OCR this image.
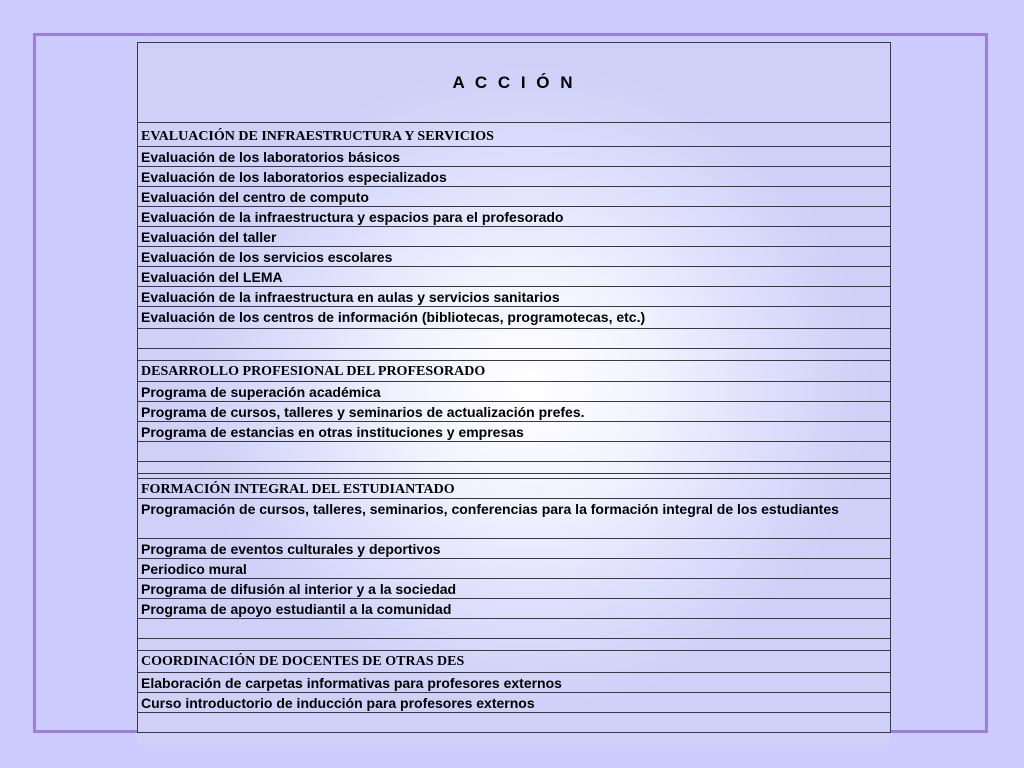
A C C I Ó N
EVALUACIÓN DE INFRAESTRUCTURA Y SERVICIOS
Evaluación de los laboratorios básicos
Evaluación de los laboratorios especializados
Evaluación del centro de computo
Evaluación de la infraestructura y espacios para el profesorado
Evaluación del taller
Evaluación de los servicios escolares
Evaluación del LEMA
Evaluación de la infraestructura en aulas y servicios sanitarios
Evaluación de los centros de información (bibliotecas, programotecas, etc.)
DESARROLLO PROFESIONAL DEL PROFESORADO
Programa de superación académica
Programa de cursos, talleres y seminarios de actualización prefes.
Programa de estancias en otras instituciones y empresas
FORMACIÓN INTEGRAL DEL ESTUDIANTADO
Programación de cursos, talleres, seminarios, conferencias para la formación integral de los estudiantes
Programa de eventos culturales y deportivos
Periodico mural
Programa de difusión al interior y a la sociedad
Programa de apoyo estudiantil a la comunidad
COORDINACIÓN DE DOCENTES DE OTRAS DES
Elaboración de carpetas informativas para profesores externos
Curso introductorio de inducción para profesores externos
